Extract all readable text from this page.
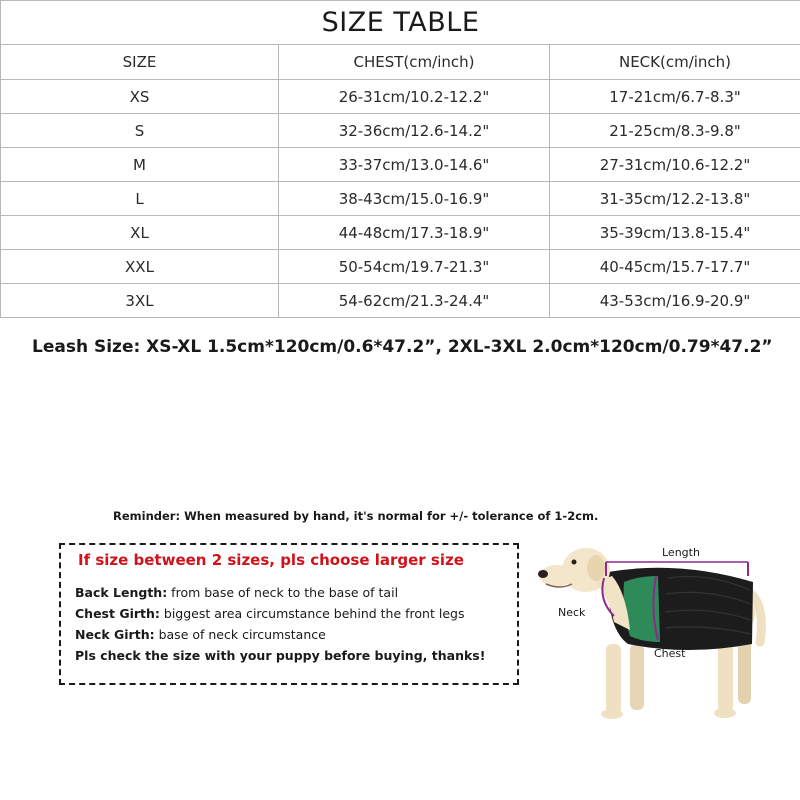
SIZE TABLE		
SIZE	CHEST(cm/inch)	NECK(cm/inch)
XS	26-31cm/10.2-12.2"	17-21cm/6.7-8.3"
S	32-36cm/12.6-14.2"	21-25cm/8.3-9.8"
M	33-37cm/13.0-14.6"	27-31cm/10.6-12.2"
L	38-43cm/15.0-16.9"	31-35cm/12.2-13.8"
XL	44-48cm/17.3-18.9"	35-39cm/13.8-15.4"
XXL	50-54cm/19.7-21.3"	40-45cm/15.7-17.7"
3XL	54-62cm/21.3-24.4"	43-53cm/16.9-20.9"
Leash Size: XS-XL 1.5cm*120cm/0.6*47.2”, 2XL-3XL 2.0cm*120cm/0.79*47.2”
Reminder: When measured by hand, it's normal for +/- tolerance of 1-2cm.
If size between 2 sizes, pls choose larger size
Back Length: from base of neck to the base of tail
Chest Girth: biggest area circumstance behind the front legs
Neck Girth: base of neck circumstance
Pls check the size with your puppy before buying, thanks!
Length
Neck
Chest
